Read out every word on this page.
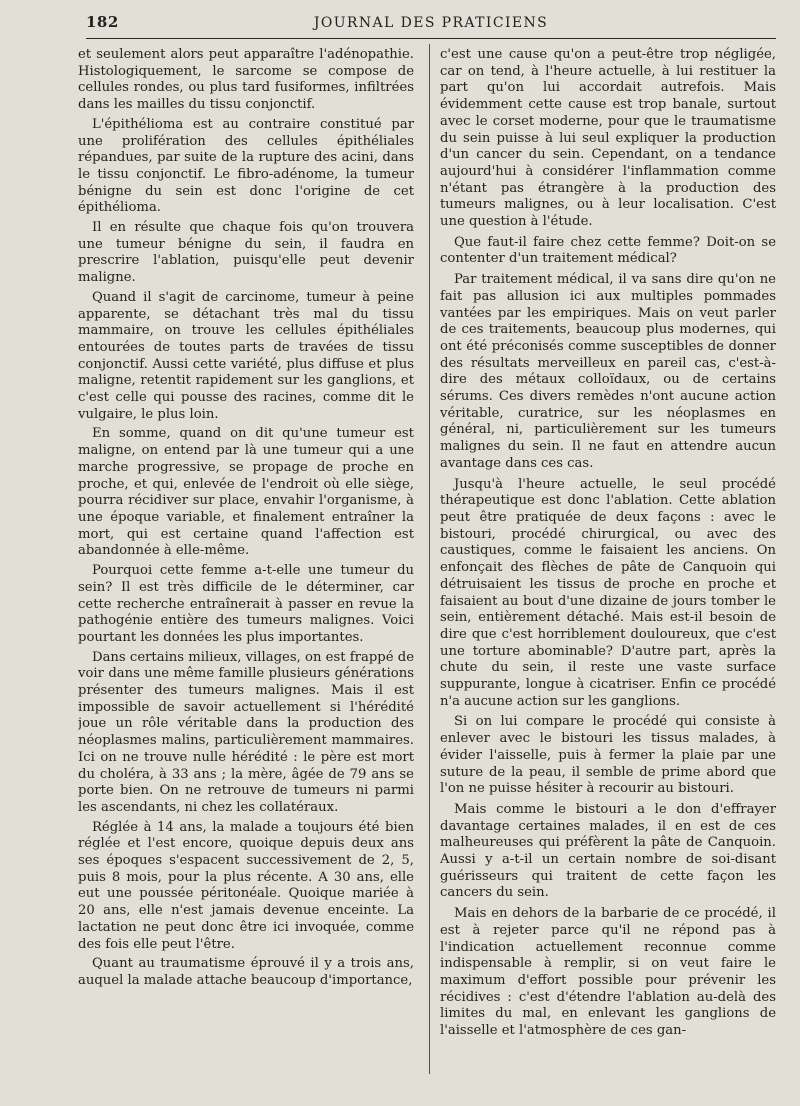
182	JOURNAL DES PRATICIENS

et seulement alors peut apparaître l'adénopathie. Histologiquement, le sarcome se compose de cellules rondes, ou plus tard fusiformes, infiltrées dans les mailles du tissu conjonctif.

L'épithélioma est au contraire constitué par une prolifération des cellules épithéliales répandues, par suite de la rupture des acini, dans le tissu conjonctif. Le fibro-adénome, la tumeur bénigne du sein est donc l'origine de cet épithélioma.

Il en résulte que chaque fois qu'on trouvera une tumeur bénigne du sein, il faudra en prescrire l'ablation, puisqu'elle peut devenir maligne.

Quand il s'agit de carcinome, tumeur à peine apparente, se détachant très mal du tissu mammaire, on trouve les cellules épithéliales entourées de toutes parts de travées de tissu conjonctif. Aussi cette variété, plus diffuse et plus maligne, retentit rapidement sur les ganglions, et c'est celle qui pousse des racines, comme dit le vulgaire, le plus loin.

En somme, quand on dit qu'une tumeur est maligne, on entend par là une tumeur qui a une marche progressive, se propage de proche en proche, et qui, enlevée de l'endroit où elle siège, pourra récidiver sur place, envahir l'organisme, à une époque variable, et finalement entraîner la mort, qui est certaine quand l'affection est abandonnée à elle-même.

Pourquoi cette femme a-t-elle une tumeur du sein? Il est très difficile de le déterminer, car cette recherche entraînerait à passer en revue la pathogénie entière des tumeurs malignes. Voici pourtant les données les plus importantes.

Dans certains milieux, villages, on est frappé de voir dans une même famille plusieurs générations présenter des tumeurs malignes. Mais il est impossible de savoir actuellement si l'hérédité joue un rôle véritable dans la production des néoplasmes malins, particulièrement mammaires. Ici on ne trouve nulle hérédité : le père est mort du choléra, à 33 ans ; la mère, âgée de 79 ans se porte bien. On ne retrouve de tumeurs ni parmi les ascendants, ni chez les collatéraux.

Réglée à 14 ans, la malade a toujours été bien réglée et l'est encore, quoique depuis deux ans ses époques s'espacent successivement de 2, 5, puis 8 mois, pour la plus récente. A 30 ans, elle eut une poussée péritonéale. Quoique mariée à 20 ans, elle n'est jamais devenue enceinte. La lactation ne peut donc être ici invoquée, comme des fois elle peut l'être.

Quant au traumatisme éprouvé il y a trois ans, auquel la malade attache beaucoup d'importance,

c'est une cause qu'on a peut-être trop négligée, car on tend, à l'heure actuelle, à lui restituer la part qu'on lui accordait autrefois. Mais évidemment cette cause est trop banale, surtout avec le corset moderne, pour que le traumatisme du sein puisse à lui seul expliquer la production d'un cancer du sein. Cependant, on a tendance aujourd'hui à considérer l'inflammation comme n'étant pas étrangère à la production des tumeurs malignes, ou à leur localisation. C'est une question à l'étude.

Que faut-il faire chez cette femme? Doit-on se contenter d'un traitement médical?

Par traitement médical, il va sans dire qu'on ne fait pas allusion ici aux multiples pommades vantées par les empiriques. Mais on veut parler de ces traitements, beaucoup plus modernes, qui ont été préconisés comme susceptibles de donner des résultats merveilleux en pareil cas, c'est-à-dire des métaux colloïdaux, ou de certains sérums. Ces divers remèdes n'ont aucune action véritable, curatrice, sur les néoplasmes en général, ni, particulièrement sur les tumeurs malignes du sein. Il ne faut en attendre aucun avantage dans ces cas.

Jusqu'à l'heure actuelle, le seul procédé thérapeutique est donc l'ablation. Cette ablation peut être pratiquée de deux façons : avec le bistouri, procédé chirurgical, ou avec des caustiques, comme le faisaient les anciens. On enfonçait des flèches de pâte de Canquoin qui détruisaient les tissus de proche en proche et faisaient au bout d'une dizaine de jours tomber le sein, entièrement détaché. Mais est-il besoin de dire que c'est horriblement douloureux, que c'est une torture abominable? D'autre part, après la chute du sein, il reste une vaste surface suppurante, longue à cicatriser. Enfin ce procédé n'a aucune action sur les ganglions.

Si on lui compare le procédé qui consiste à enlever avec le bistouri les tissus malades, à évider l'aisselle, puis à fermer la plaie par une suture de la peau, il semble de prime abord que l'on ne puisse hésiter à recourir au bistouri.

Mais comme le bistouri a le don d'effrayer davantage certaines malades, il en est de ces malheureuses qui préfèrent la pâte de Canquoin. Aussi y a-t-il un certain nombre de soi-disant guérisseurs qui traitent de cette façon les cancers du sein.

Mais en dehors de la barbarie de ce procédé, il est à rejeter parce qu'il ne répond pas à l'indication actuellement reconnue comme indispensable à remplir, si on veut faire le maximum d'effort possible pour prévenir les récidives : c'est d'étendre l'ablation au-delà des limites du mal, en enlevant les ganglions de l'aisselle et l'atmosphère de ces gan-
